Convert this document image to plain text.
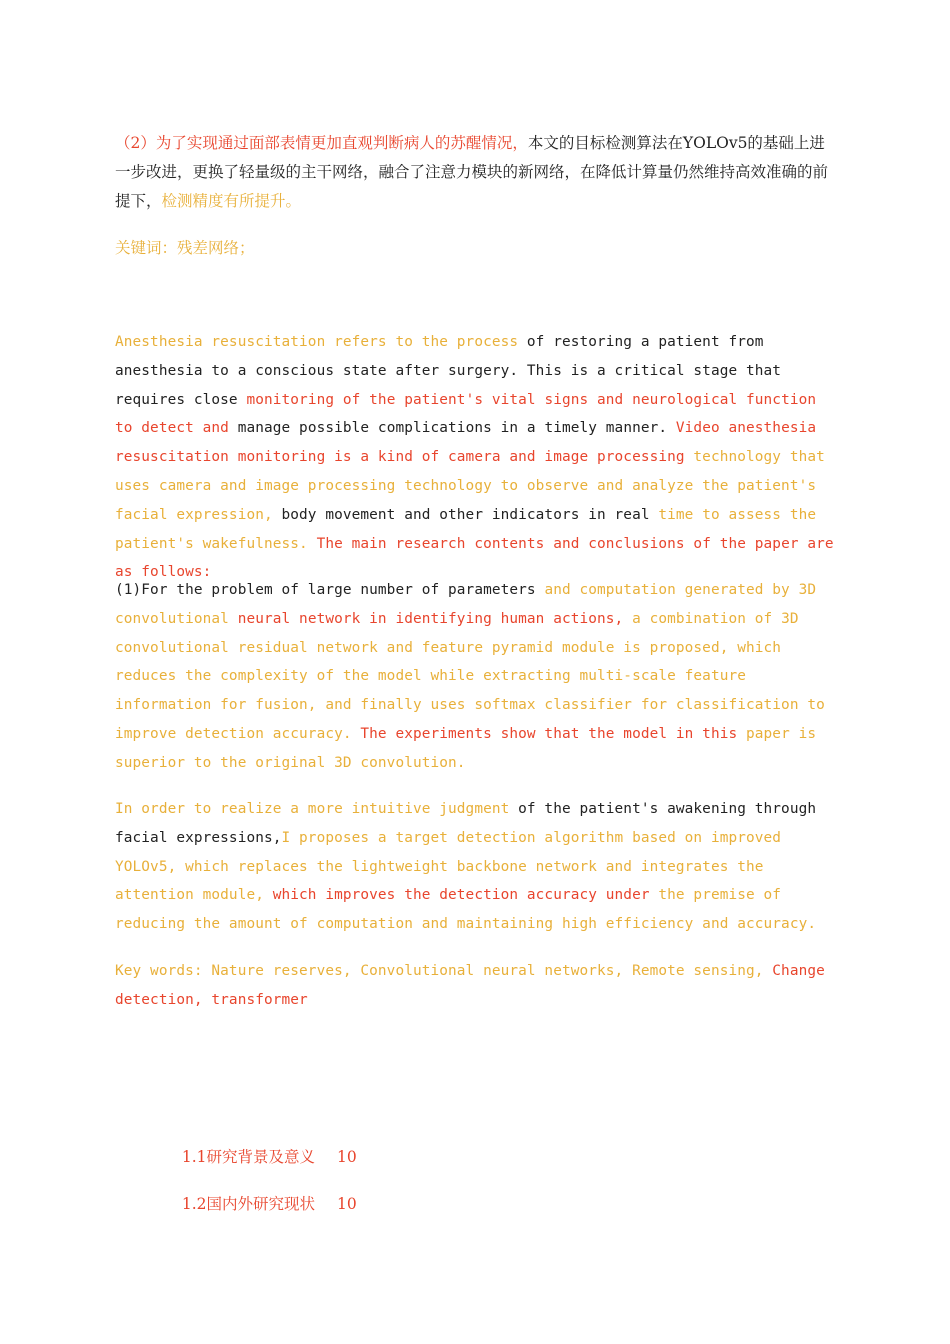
（2）为了实现通过面部表情更加直观判断病人的苏醒情况，本文的目标检测算法在YOLOv5的基础上进一步改进，更换了轻量级的主干网络，融合了注意力模块的新网络，在降低计算量仍然维持高效准确的前提下，检测精度有所提升。

关键词：残差网络；

Anesthesia resuscitation refers to the process of restoring a patient from anesthesia to a conscious state after surgery. This is a critical stage that requires close monitoring of the patient's vital signs and neurological function to detect and manage possible complications in a timely manner. Video anesthesia resuscitation monitoring is a kind of camera and image processing technology that uses camera and image processing technology to observe and analyze the patient's facial expression, body movement and other indicators in real time to assess the patient's wakefulness. The main research contents and conclusions of the paper are as follows:

(1)For the problem of large number of parameters and computation generated by 3D convolutional neural network in identifying human actions, a combination of 3D convolutional residual network and feature pyramid module is proposed, which reduces the complexity of the model while extracting multi-scale feature information for fusion, and finally uses softmax classifier for classification to improve detection accuracy. The experiments show that the model in this paper is superior to the original 3D convolution.

In order to realize a more intuitive judgment of the patient's awakening through facial expressions,I proposes a target detection algorithm based on improved YOLOv5, which replaces the lightweight backbone network and integrates the attention module, which improves the detection accuracy under the premise of reducing the amount of computation and maintaining high efficiency and accuracy.

Key words: Nature reserves, Convolutional neural networks, Remote sensing, Change detection, transformer

1.1研究背景及意义 10

1.2国内外研究现状 10
